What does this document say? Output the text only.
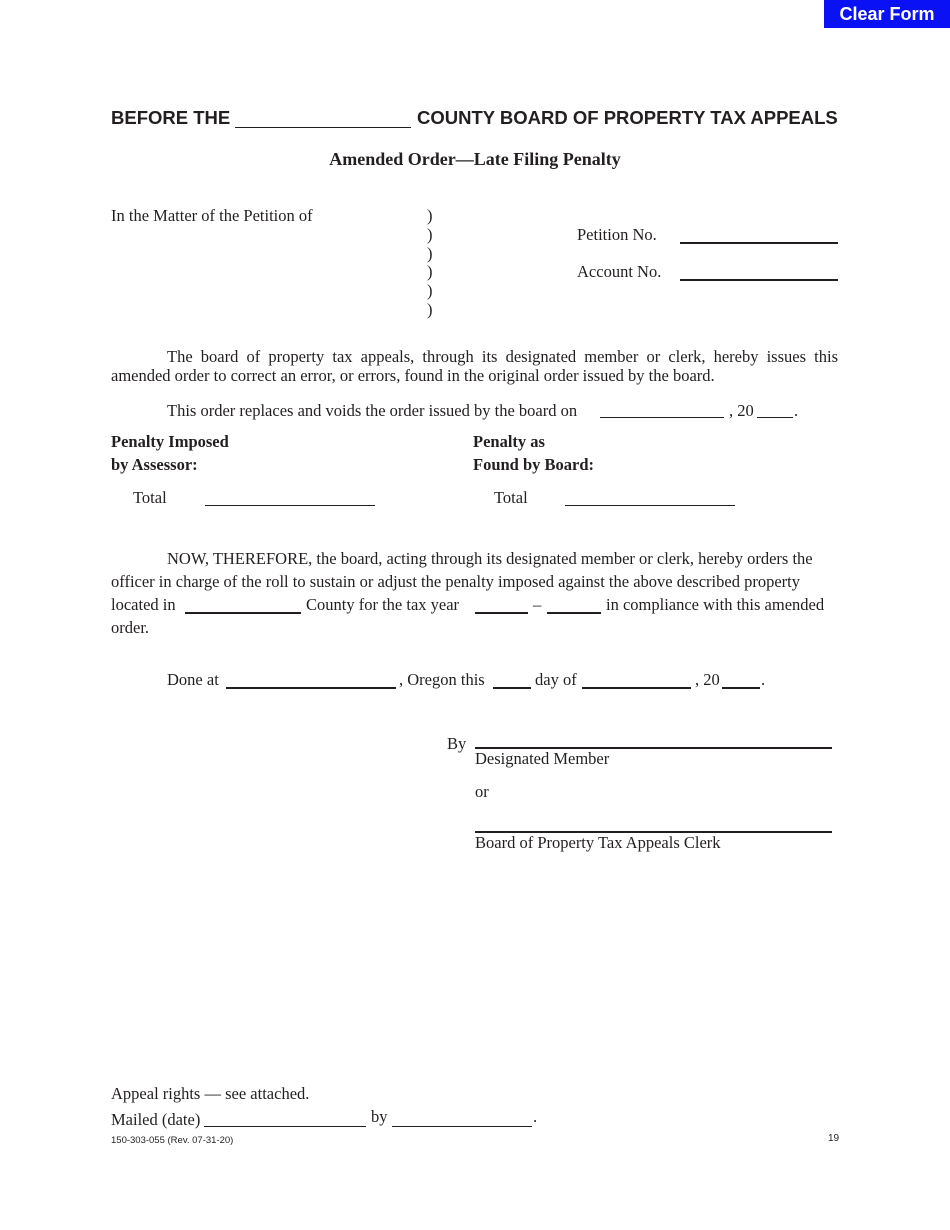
Clear Form
BEFORE THE	COUNTY BOARD OF PROPERTY TAX APPEALS
Amended Order—Late Filing Penalty
In the Matter of the Petition of	)
)
)
)
)
)
Petition No.
Account No.
The board of property tax appeals, through its designated member or clerk, hereby issues this amended order to correct an error, or errors, found in the original order issued by the board.
This order replaces and voids the order issued by the board on	, 20 .
Penalty Imposed
by Assessor:
Penalty as
Found by Board:
Total	Total
NOW, THEREFORE, the board, acting through its designated member or clerk, hereby orders the
officer in charge of the roll to sustain or adjust the penalty imposed against the above described property
located in	County for the tax year	–	in compliance with this amended
order.
Done at	, Oregon this	day of	, 20	.
By
Designated Member
or
Board of Property Tax Appeals Clerk
Appeal rights — see attached.
Mailed (date)	by	.
150-303-055 (Rev. 07-31-20)	19
